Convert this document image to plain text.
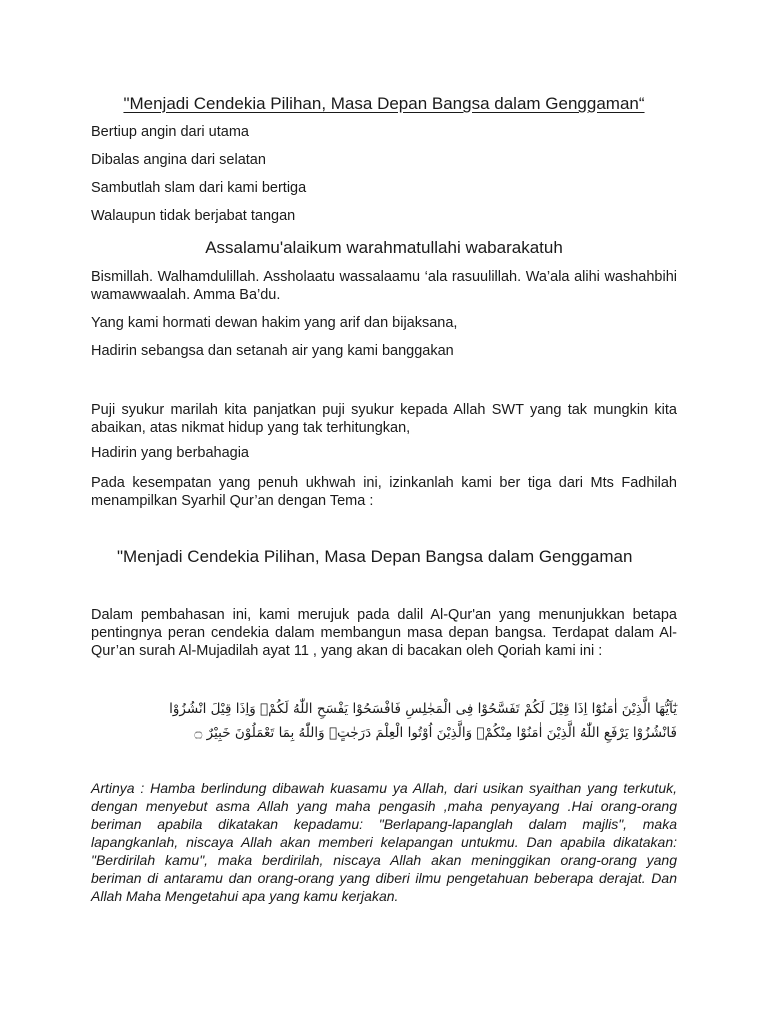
"Menjadi Cendekia Pilihan, Masa Depan Bangsa dalam Genggaman“
Bertiup angin dari utama
Dibalas angina dari selatan
Sambutlah slam dari kami bertiga
Walaupun tidak berjabat tangan
Assalamu'alaikum warahmatullahi wabarakatuh
Bismillah. Walhamdulillah. Assholaatu wassalaamu ‘ala rasuulillah. Wa’ala alihi washahbihi wamawwaalah. Amma Ba’du.
Yang kami hormati dewan hakim yang arif dan bijaksana,
Hadirin sebangsa dan setanah air yang kami banggakan
Puji syukur marilah kita panjatkan puji syukur kepada Allah SWT yang tak mungkin kita abaikan, atas nikmat hidup yang tak terhitungkan,
Hadirin yang berbahagia
Pada kesempatan yang penuh ukhwah ini, izinkanlah kami ber tiga dari Mts Fadhilah menampilkan Syarhil Qur’an dengan Tema :
"Menjadi Cendekia Pilihan, Masa Depan Bangsa dalam Genggaman
Dalam pembahasan ini, kami merujuk pada dalil Al-Qur'an yang menunjukkan betapa pentingnya peran cendekia dalam membangun masa depan bangsa. Terdapat dalam Al-Qur’an surah Al-Mujadilah ayat 11 , yang akan di bacakan oleh Qoriah kami ini :
يٰٓاَيُّهَا الَّذِيْنَ اٰمَنُوْٓا اِذَا قِيْلَ لَكُمْ تَفَسَّحُوْا فِى الْمَجٰلِسِ فَافْسَحُوْا يَفْسَحِ اللّٰهُ لَكُمْۚ وَاِذَا قِيْلَ انْشُزُوْا
فَانْشُزُوْا يَرْفَعِ اللّٰهُ الَّذِيْنَ اٰمَنُوْا مِنْكُمْۙ وَالَّذِيْنَ اُوْتُوا الْعِلْمَ دَرَجٰتٍۗ وَاللّٰهُ بِمَا تَعْمَلُوْنَ خَبِيْرٌ ۝
Artinya : Hamba berlindung dibawah kuasamu ya Allah, dari usikan syaithan yang terkutuk, dengan menyebut asma Allah yang maha pengasih ,maha penyayang .Hai orang-orang beriman apabila dikatakan kepadamu: "Berlapang-lapanglah dalam majlis", maka lapangkanlah, niscaya Allah akan memberi kelapangan untukmu. Dan apabila dikatakan: "Berdirilah kamu", maka berdirilah, niscaya Allah akan meninggikan orang-orang yang beriman di antaramu dan orang-orang yang diberi ilmu pengetahuan beberapa derajat. Dan Allah Maha Mengetahui apa yang kamu kerjakan.
